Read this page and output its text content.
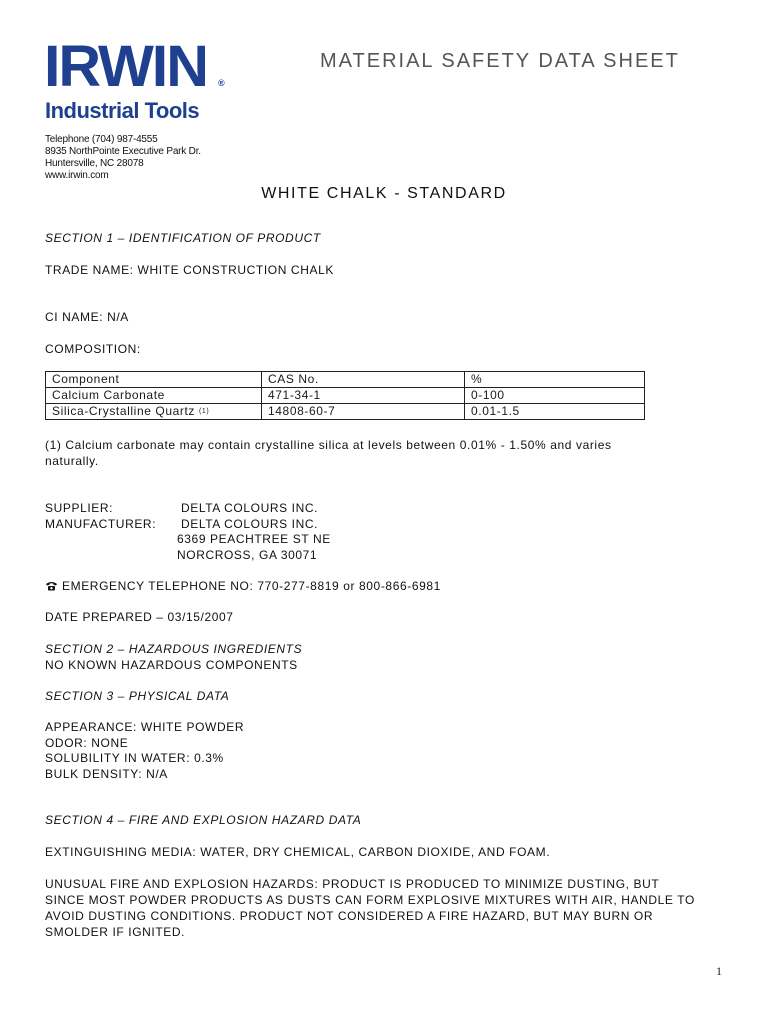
IRWIN ®
Industrial Tools
Telephone (704) 987-4555
8935 NorthPointe Executive Park Dr.
Huntersville, NC 28078
www.irwin.com
MATERIAL SAFETY DATA SHEET
WHITE CHALK - STANDARD
SECTION 1 – IDENTIFICATION OF PRODUCT
TRADE NAME: WHITE CONSTRUCTION CHALK
CI NAME: N/A
COMPOSITION:
Component	CAS No.	%
Calcium Carbonate	471-34-1	0-100
Silica-Crystalline Quartz $^{(1)}$	14808-60-7	0.01-1.5
(1) Calcium carbonate may contain crystalline silica at levels between 0.01% - 1.50% and varies
naturally.
SUPPLIER:	DELTA COLOURS INC.
MANUFACTURER: DELTA COLOURS INC.
6369 PEACHTREE ST NE
NORCROSS, GA 30071
EMERGENCY TELEPHONE NO: 770-277-8819 or 800-866-6981
DATE PREPARED – 03/15/2007
SECTION 2 – HAZARDOUS INGREDIENTS
NO KNOWN HAZARDOUS COMPONENTS
SECTION 3 – PHYSICAL DATA
APPEARANCE: WHITE POWDER
ODOR: NONE
SOLUBILITY IN WATER: 0.3%
BULK DENSITY: N/A
SECTION 4 – FIRE AND EXPLOSION HAZARD DATA
EXTINGUISHING MEDIA: WATER, DRY CHEMICAL, CARBON DIOXIDE, AND FOAM.
UNUSUAL FIRE AND EXPLOSION HAZARDS: PRODUCT IS PRODUCED TO MINIMIZE DUSTING, BUT
SINCE MOST POWDER PRODUCTS AS DUSTS CAN FORM EXPLOSIVE MIXTURES WITH AIR, HANDLE TO
AVOID DUSTING CONDITIONS. PRODUCT NOT CONSIDERED A FIRE HAZARD, BUT MAY BURN OR
SMOLDER IF IGNITED.
1
